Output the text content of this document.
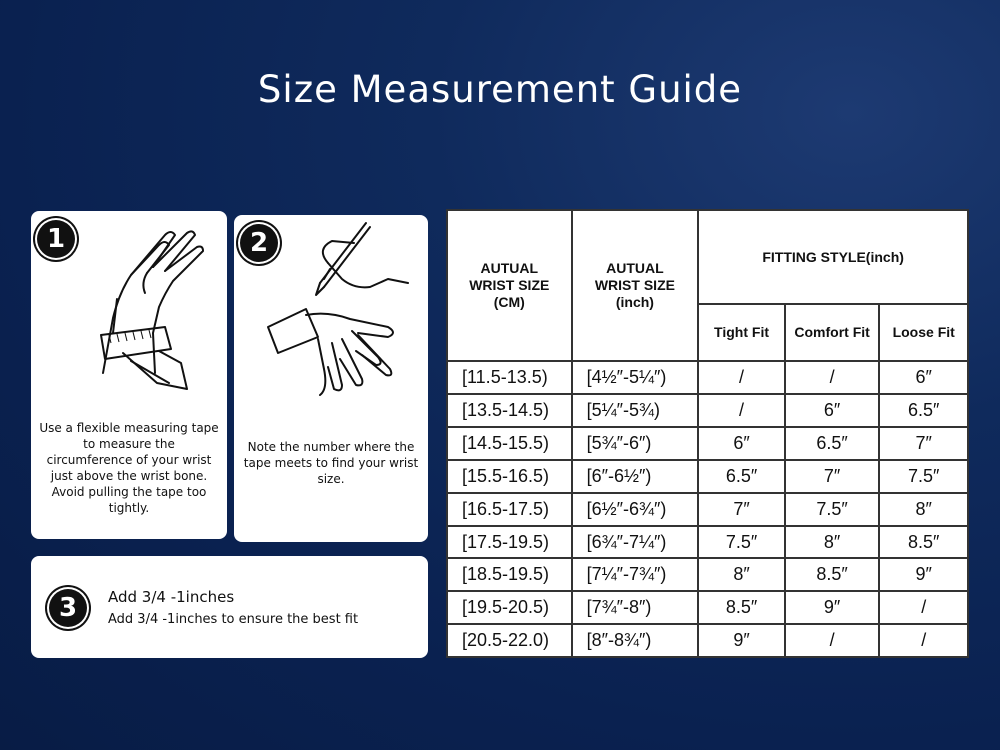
Size Measurement Guide
1
Use a flexible measuring tape to measure the circumference of your wrist just above the wrist bone. Avoid pulling the tape too tightly.
2
Note the number where the tape meets to find your wrist size.
3	Add 3/4 -1inches
Add 3/4 -1inches to ensure the best fit
AUTUAL WRIST SIZE (CM)	AUTUAL WRIST SIZE (inch)	FITTING STYLE(inch)		
		Tight Fit	Comfort Fit	Loose Fit
[11.5-13.5)	[4½″-5¼″)	/	/	6″
[13.5-14.5)	[5¼″-5¾)	/	6″	6.5″
[14.5-15.5)	[5¾″-6″)	6″	6.5″	7″
[15.5-16.5)	[6″-6½″)	6.5″	7″	7.5″
[16.5-17.5)	[6½″-6¾″)	7″	7.5″	8″
[17.5-19.5)	[6¾″-7¼″)	7.5″	8″	8.5″
[18.5-19.5)	[7¼″-7¾″)	8″	8.5″	9″
[19.5-20.5)	[7¾″-8″)	8.5″	9″	/
[20.5-22.0)	[8″-8¾″)	9″	/	/
